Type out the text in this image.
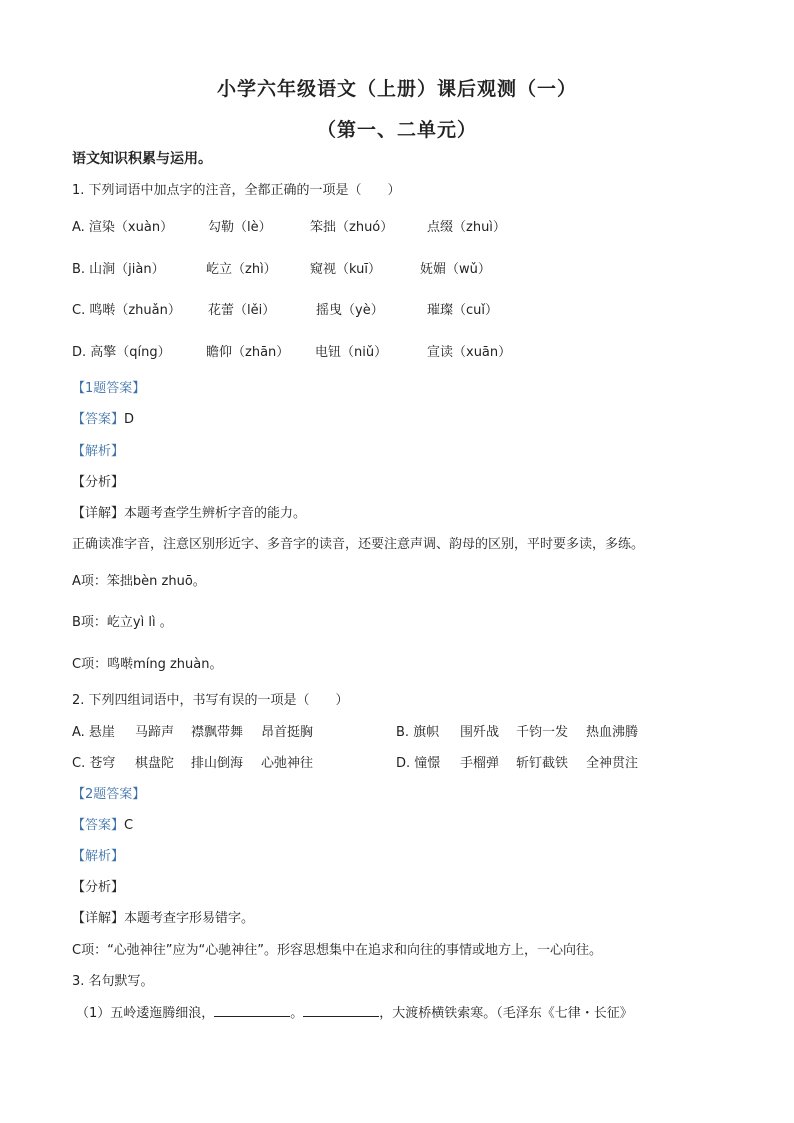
小学六年级语文（上册）课后观测（一）
（第一、二单元）
语文知识积累与运用。
1. 下列词语中加点字的注音，全都正确的一项是（　　）
A. 渲染（xuàn）	勾勒（lè）	笨拙（zhuó）	点缀（zhuì）
B. 山涧（jiàn）	屹立（zhì）	窥视（kuī）	妩媚（wǔ）
C. 鸣啭（zhuǎn） 花蕾（lěi）	摇曳（yè）	璀璨（cuǐ）
D. 高擎（qíng）	瞻仰（zhān） 电钮（niǔ）	宣读（xuān）
【1题答案】
【答案】D
【解析】
【分析】
【详解】本题考查学生辨析字音的能力。
正确读准字音，注意区别形近字、多音字的读音，还要注意声调、韵母的区别，平时要多读，多练。
A项：笨拙bèn zhuō。
B项：屹立yì lì 。
C项：鸣啭míng zhuàn。
2. 下列四组词语中，书写有误的一项是（　　）
A. 悬崖 马蹄声 襟飘带舞 昂首挺胸	B. 旗帜 围歼战 千钧一发 热血沸腾
C. 苍穹 棋盘陀 排山倒海 心弛神往	D. 憧憬 手榴弹 斩钉截铁 全神贯注
【2题答案】
【答案】C
【解析】
【分析】
【详解】本题考查字形易错字。
C项：“心弛神往”应为“心驰神往”。形容思想集中在追求和向往的事情或地方上，一心向往。
3. 名句默写。
（1）五岭逶迤腾细浪，	。	，大渡桥横铁索寒。（毛泽东《七律・长征》
